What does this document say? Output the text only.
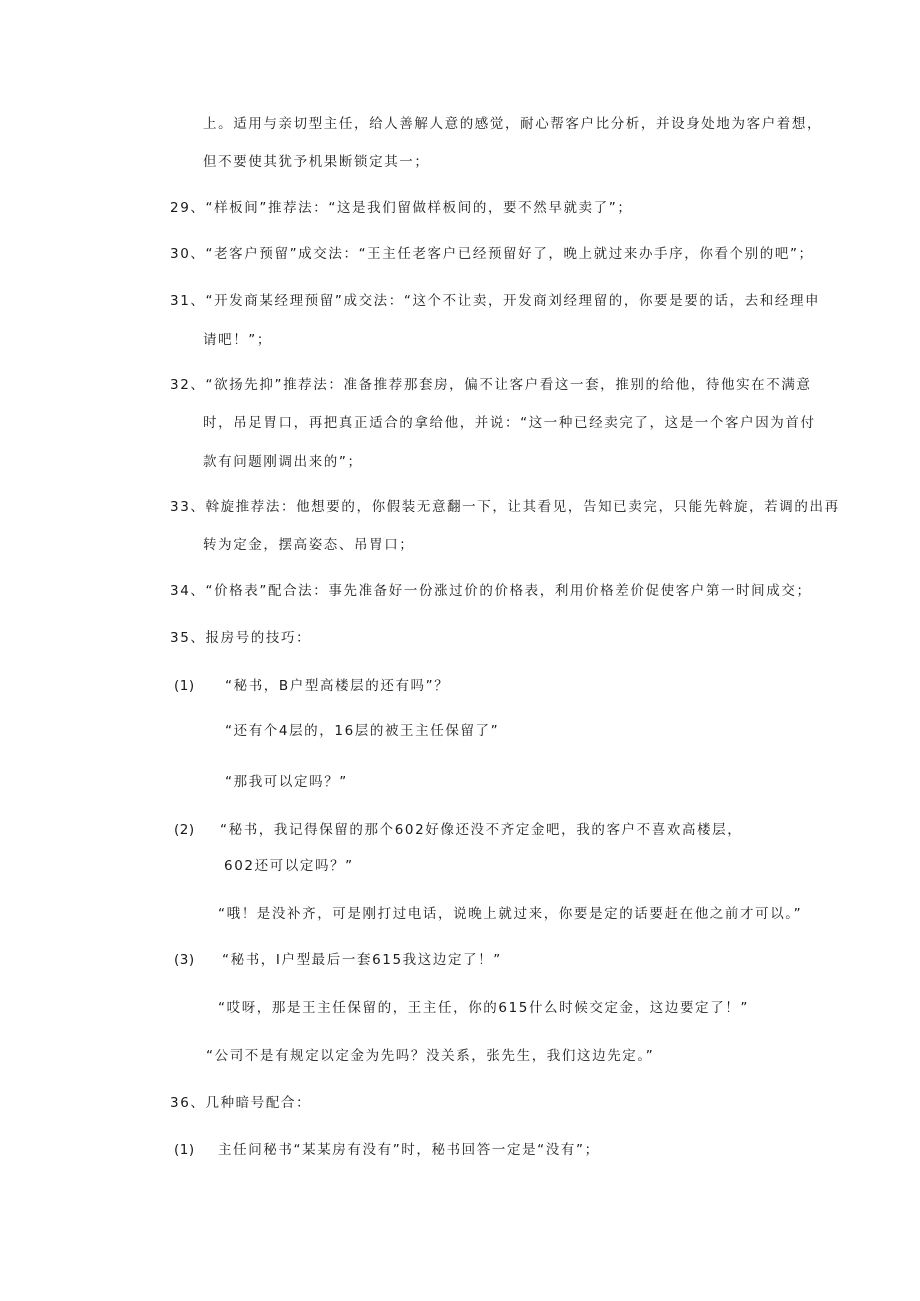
上。适用与亲切型主任，给人善解人意的感觉，耐心帮客户比分析，并设身处地为客户着想，
但不要使其犹予机果断锁定其一；
29、“样板间”推荐法：“这是我们留做样板间的，要不然早就卖了”；
30、“老客户预留”成交法：“王主任老客户已经预留好了，晚上就过来办手序，你看个别的吧”；
31、“开发商某经理预留”成交法：“这个不让卖，开发商刘经理留的，你要是要的话，去和经理申
请吧！”；
32、“欲扬先抑”推荐法：准备推荐那套房，偏不让客户看这一套，推别的给他，待他实在不满意
时，吊足胃口，再把真正适合的拿给他，并说：“这一种已经卖完了，这是一个客户因为首付
款有问题刚调出来的”；
33、斡旋推荐法：他想要的，你假装无意翻一下，让其看见，告知已卖完，只能先斡旋，若调的出再
转为定金，摆高姿态、吊胃口；
34、“价格表”配合法：事先准备好一份涨过价的价格表，利用价格差价促使客户第一时间成交；
35、报房号的技巧：
(1) “秘书，B户型高楼层的还有吗”？
“还有个4层的，16层的被王主任保留了”
“那我可以定吗？”
(2) “秘书，我记得保留的那个602好像还没不齐定金吧，我的客户不喜欢高楼层，
602还可以定吗？”
“哦！是没补齐，可是刚打过电话，说晚上就过来，你要是定的话要赶在他之前才可以。”
(3) “秘书，I户型最后一套615我这边定了！”
“哎呀，那是王主任保留的，王主任，你的615什么时候交定金，这边要定了！”
“公司不是有规定以定金为先吗？没关系，张先生，我们这边先定。”
36、几种暗号配合：
(1) 主任问秘书“某某房有没有”时，秘书回答一定是“没有”；
